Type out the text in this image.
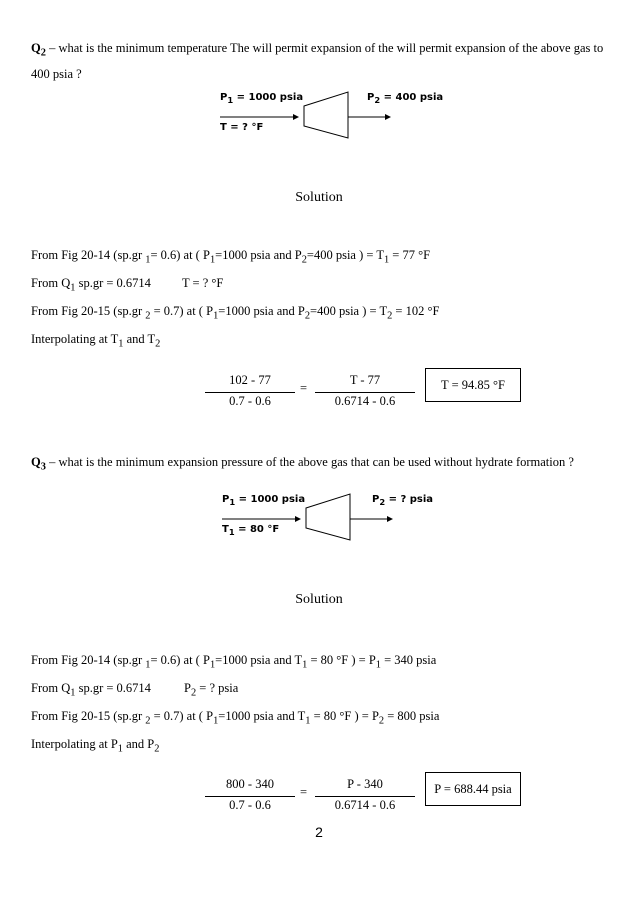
$Q_2$ – what is the minimum temperature The will permit expansion of the will permit expansion of the above gas to 400 psia ?
$P_1 = 1000$ psia
T = ? °F
$P_2 = 400$ psia
Solution
From Fig 20-14 (sp.gr $_1$= 0.6) at ( $P_1=1000$ psia and $P_2=400$ psia ) = $T_1 = 77$ °F
From $Q_1$ sp.gr = 0.6714 T = ? °F
From Fig 20-15 (sp.gr $_2$ = 0.7) at ( $P_1=1000$ psia and $P_2=400$ psia ) = $T_2 = 102$ °F
Interpolating at $T_1$ and $T_2$
102 - 77
0.7 - 0.6
=
T - 77
0.6714 - 0.6
T = 94.85 °F
$Q_3$ – what is the minimum expansion pressure of the above gas that can be used without hydrate formation ?
$P_1 = 1000$ psia
$T_1 = 80$ °F
$P_2$ = ? psia
Solution
From Fig 20-14 (sp.gr $_1$= 0.6) at ( $P_1=1000$ psia and $T_1 = 80$ °F ) = $P_1 = 340$ psia
From $Q_1$ sp.gr = 0.6714	$P_2$ = ? psia
From Fig 20-15 (sp.gr $_2$ = 0.7) at ( $P_1=1000$ psia and $T_1 = 80$ °F ) = $P_2 = 800$ psia
Interpolating at $P_1$ and $P_2$
800 - 340
0.7 - 0.6
=
P - 340
0.6714 - 0.6
P = 688.44 psia
2
